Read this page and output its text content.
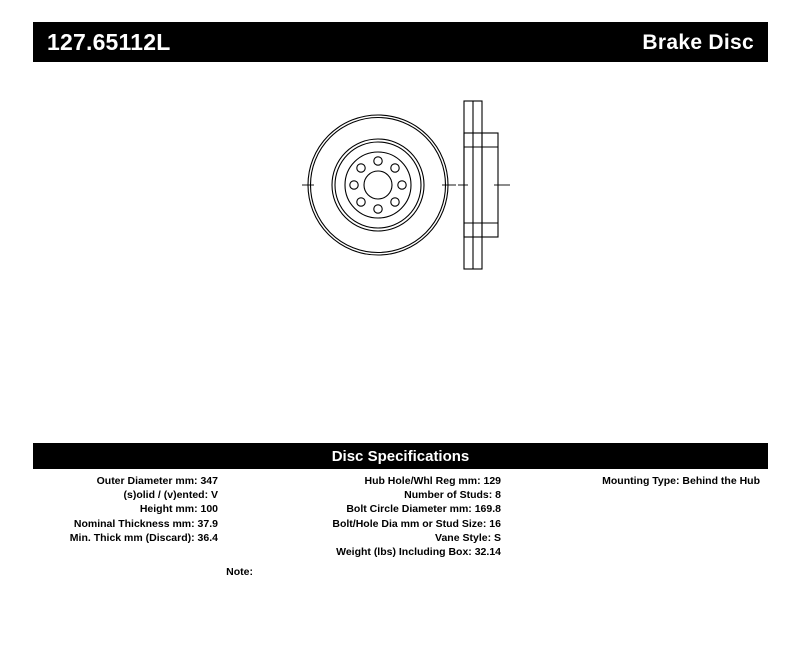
127.65112L	Brake Disc
Disc Specifications
Outer Diameter mm: 347
(s)olid / (v)ented: V
Height mm: 100
Nominal Thickness mm: 37.9
Min. Thick mm (Discard): 36.4
Hub Hole/Whl Reg mm: 129
Number of Studs: 8
Bolt Circle Diameter mm: 169.8
Bolt/Hole Dia mm or Stud Size: 16
Vane Style: S
Weight (lbs) Including Box: 32.14
Mounting Type: Behind the Hub
Note:
